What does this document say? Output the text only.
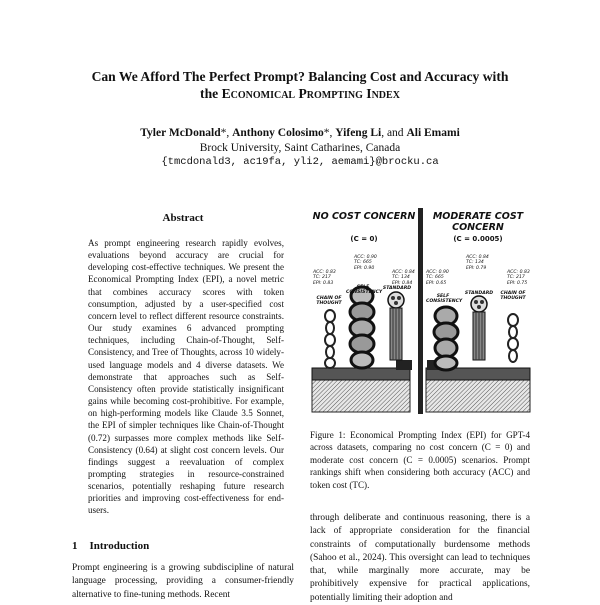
Can We Afford The Perfect Prompt? Balancing Cost and Accuracy with
the Economical Prompting Index
Tyler McDonald*, Anthony Colosimo*, Yifeng Li, and Ali Emami
Brock University, Saint Catharines, Canada
{tmcdonald3, ac19fa, yli2, aemami}@brocku.ca
Abstract
As prompt engineering research rapidly evolves, evaluations beyond accuracy are crucial for developing cost-effective techniques. We present the Economical Prompting Index (EPI), a novel metric that combines accuracy scores with token consumption, adjusted by a user-specified cost concern level to reflect different resource constraints. Our study examines 6 advanced prompting techniques, including Chain-of-Thought, Self-Consistency, and Tree of Thoughts, across 10 widely-used language models and 4 diverse datasets. We demonstrate that approaches such as Self-Consistency often provide statistically insignificant gains while becoming cost-prohibitive. For example, on high-performing models like Claude 3.5 Sonnet, the EPI of simpler techniques like Chain-of-Thought (0.72) surpasses more complex methods like Self-Consistency (0.64) at slight cost concern levels. Our findings suggest a reevaluation of complex prompting strategies in resource-constrained scenarios, potentially reshaping future research priorities and improving cost-effectiveness for end-users.
1 Introduction
Prompt engineering is a growing subdiscipline of natural language processing, providing a consumer-friendly alternative to fine-tuning methods. Recent
NO COST CONCERN
(C = 0)
ACC: 0.90
TC: 665
EPI: 0.90
ACC: 0.83
TC: 217
EPI: 0.83
ACC: 0.84
TC: 134
EPI: 0.84
CHAIN OF THOUGHT
SELF CONSISTENCY
STANDARD
MODERATE COST CONCERN
(C = 0.0005)
ACC: 0.84
TC: 134
EPI: 0.79
ACC: 0.90
TC: 665
EPI: 0.65
ACC: 0.83
TC: 217
EPI: 0.75
SELF CONSISTENCY
STANDARD	CHAIN OF THOUGHT
Figure 1: Economical Prompting Index (EPI) for GPT-4 across datasets, comparing no cost concern (C = 0) and moderate cost concern (C = 0.0005) scenarios. Prompt rankings shift when considering both accuracy (ACC) and token cost (TC).
through deliberate and continuous reasoning, there is a lack of appropriate consideration for the financial constraints of computationally burdensome methods (Sahoo et al., 2024). This oversight can lead to techniques that, while marginally more accurate, may be prohibitively expensive for practical applications, potentially limiting their adoption and
